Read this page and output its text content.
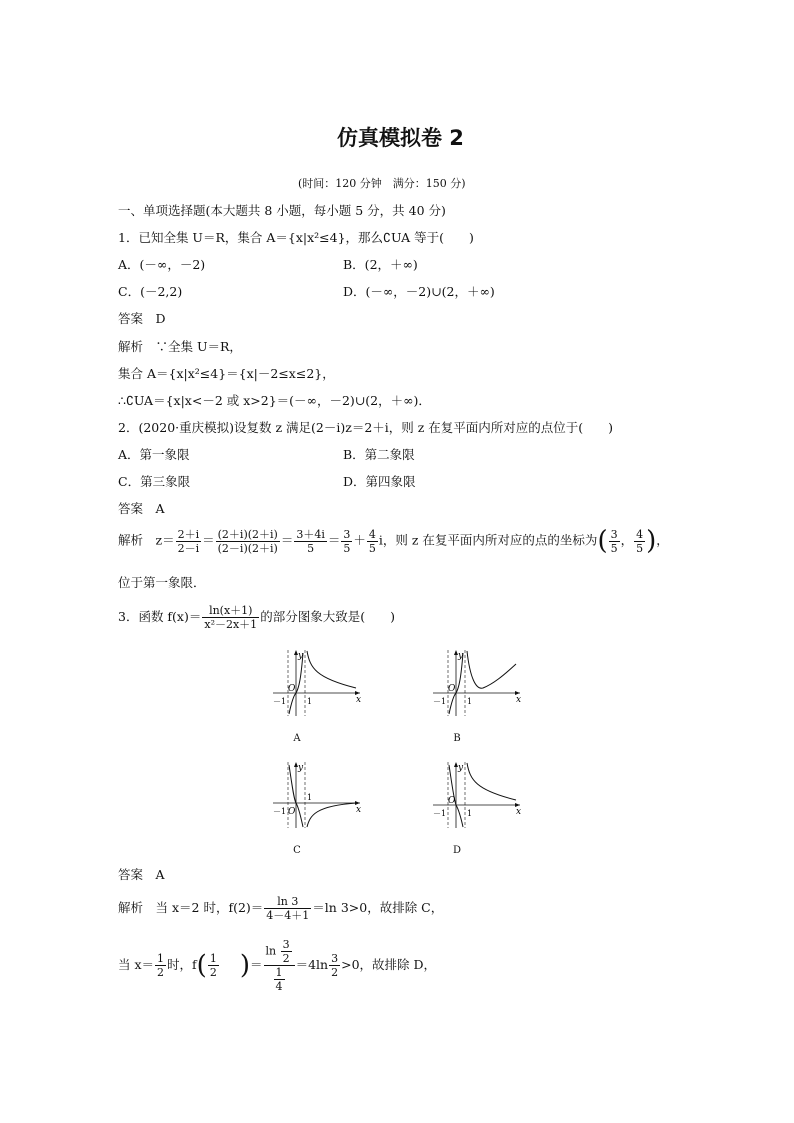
仿真模拟卷 2
(时间：120 分钟　满分：150 分)
一、单项选择题(本大题共 8 小题，每小题 5 分，共 40 分)
1．已知全集 U＝R，集合 A＝{x|x²≤4}，那么∁UA 等于(　　)
A．(－∞，－2)	B．(2，＋∞)
C．(－2,2)	D．(－∞，－2)∪(2，＋∞)
答案　D
解析　∵全集 U＝R，
集合 A＝{x|x²≤4}＝{x|－2≤x≤2}，
∴∁UA＝{x|x<－2 或 x>2}＝(－∞，－2)∪(2，＋∞)．
2．(2020·重庆模拟)设复数 z 满足(2－i)z＝2＋i，则 z 在复平面内所对应的点位于(　　)
A．第一象限	B．第二象限
C．第三象限	D．第四象限
答案　A
解析　$z= \frac{2+i}{2-i} = \frac{(2+i)(2+i)}{(2-i)(2+i)} = \frac{3+4i}{5} = \frac{3}{5} + \frac{4}{5}$ i，则 z 在复平面内所对应的点的坐标为( $\frac{3}{5}$ ， $\frac{4}{5}$ )，
位于第一象限．
3．函数 $f(x)= \frac{\ln(x+1)}{\text{x²－2x＋1}}$ 的部分图象大致是(　　)
y
x
O
－1	1
A
y
x
O
－1	1
B
y
x
O
－1
1
C
y
x
O
－1	1
D
答案　A
解析　当 x＝2 时，$f(2)= \frac{\ln 3}{4-4+1} =\ln$ 3>0，故排除 C，
当 $x= \frac{1}{2}$ 时，$f( \frac{1}{2}$ )＝ $\frac{\ln \frac{3}{2}}{\frac{1}{4}} =4\ln \frac{3}{2} >0$，故排除 D，
